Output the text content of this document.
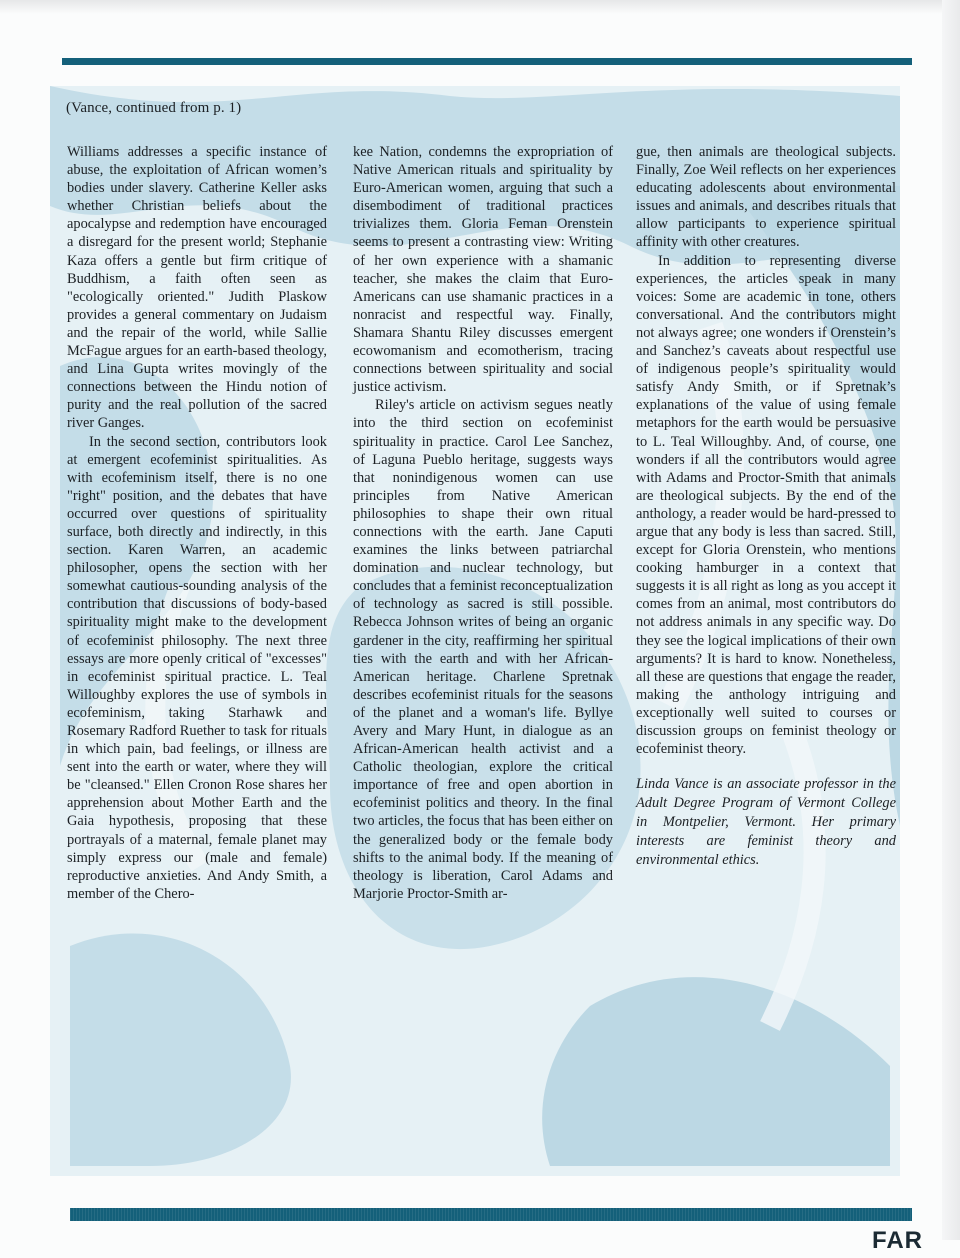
(Vance, continued from p. 1)

Williams addresses a specific instance of abuse, the exploitation of African women’s bodies under slavery. Catherine Keller asks whether Christian beliefs about the apocalypse and redemption have encouraged a disregard for the present world; Stephanie Kaza offers a gentle but firm critique of Buddhism, a faith often seen as "ecologically oriented." Judith Plaskow provides a general commentary on Judaism and the repair of the world, while Sallie McFague argues for an earth-based theology, and Lina Gupta writes movingly of the connections between the Hindu notion of purity and the real pollution of the sacred river Ganges.

In the second section, contributors look at emergent ecofeminist spiritualities. As with ecofeminism itself, there is no one "right" position, and the debates that have occurred over questions of spirituality surface, both directly and indirectly, in this section. Karen Warren, an academic philosopher, opens the section with her somewhat cautious-sounding analysis of the contribution that discussions of body-based spirituality might make to the development of ecofeminist philosophy. The next three essays are more openly critical of "excesses" in ecofeminist spiritual practice. L. Teal Willoughby explores the use of symbols in ecofeminism, taking Starhawk and Rosemary Radford Ruether to task for rituals in which pain, bad feelings, or illness are sent into the earth or water, where they will be "cleansed." Ellen Cronon Rose shares her apprehension about Mother Earth and the Gaia hypothesis, proposing that these portrayals of a maternal, female planet may simply express our (male and female) reproductive anxieties. And Andy Smith, a member of the Chero-

kee Nation, condemns the expropriation of Native American rituals and spirituality by Euro-American women, arguing that such a disembodiment of traditional practices trivializes them. Gloria Feman Orenstein seems to present a contrasting view: Writing of her own experience with a shamanic teacher, she makes the claim that Euro-Americans can use shamanic practices in a nonracist and respectful way. Finally, Shamara Shantu Riley discusses emergent ecowomanism and ecomotherism, tracing connections between spirituality and social justice activism.

Riley's article on activism segues neatly into the third section on ecofeminist spirituality in practice. Carol Lee Sanchez, of Laguna Pueblo heritage, suggests ways that nonindigenous women can use principles from Native American philosophies to shape their own ritual connections with the earth. Jane Caputi examines the links between patriarchal domination and nuclear technology, but concludes that a feminist reconceptualization of technology as sacred is still possible. Rebecca Johnson writes of being an organic gardener in the city, reaffirming her spiritual ties with the earth and with her African-American heritage. Charlene Spretnak describes ecofeminist rituals for the seasons of the planet and a woman's life. Byllye Avery and Mary Hunt, in dialogue as an African-American health activist and a Catholic theologian, explore the critical importance of free and open abortion in ecofeminist politics and theory. In the final two articles, the focus that has been either on the generalized body or the female body shifts to the animal body. If the meaning of theology is liberation, Carol Adams and Marjorie Proctor-Smith ar-

gue, then animals are theological subjects. Finally, Zoe Weil reflects on her experiences educating adolescents about environmental issues and animals, and describes rituals that allow participants to experience spiritual affinity with other creatures.

In addition to representing diverse experiences, the articles speak in many voices: Some are academic in tone, others conversational. And the contributors might not always agree; one wonders if Orenstein’s and Sanchez’s caveats about respectful use of indigenous people’s spirituality would satisfy Andy Smith, or if Spretnak’s explanations of the value of using female metaphors for the earth would be persuasive to L. Teal Willoughby. And, of course, one wonders if all the contributors would agree with Adams and Proctor-Smith that animals are theological subjects. By the end of the anthology, a reader would be hard-pressed to argue that any body is less than sacred. Still, except for Gloria Orenstein, who mentions cooking hamburger in a context that suggests it is all right as long as you accept it comes from an animal, most contributors do not address animals in any specific way. Do they see the logical implications of their own arguments? It is hard to know. Nonetheless, all these are questions that engage the reader, making the anthology intriguing and exceptionally well suited to courses or discussion groups on feminist theology or ecofeminist theory.

Linda Vance is an associate professor in the Adult Degree Program of Vermont College in Montpelier, Vermont. Her primary interests are feminist theory and environmental ethics.

FAR
